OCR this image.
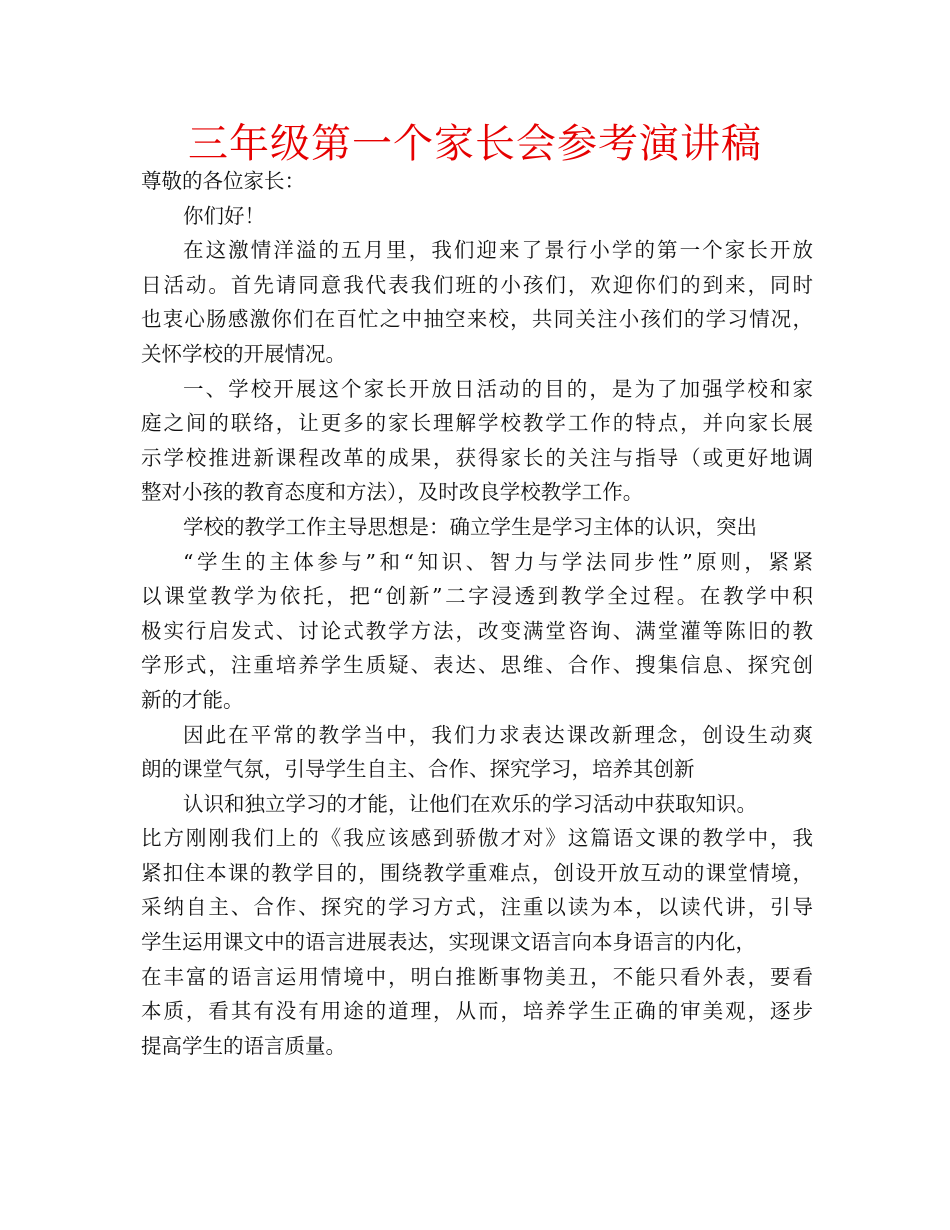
三年级第一个家长会参考演讲稿
尊敬的各位家长：
你们好！
在这激情洋溢的五月里，我们迎来了景行小学的第一个家长开放
日活动。首先请同意我代表我们班的小孩们，欢迎你们的到来，同时
也衷心肠感激你们在百忙之中抽空来校，共同关注小孩们的学习情况，
关怀学校的开展情况。
一、学校开展这个家长开放日活动的目的，是为了加强学校和家
庭之间的联络，让更多的家长理解学校教学工作的特点，并向家长展
示学校推进新课程改革的成果，获得家长的关注与指导（或更好地调
整对小孩的教育态度和方法），及时改良学校教学工作。
学校的教学工作主导思想是：确立学生是学习主体的认识，突出
“学生的主体参与”和“知识、智力与学法同步性”原则，紧紧
以课堂教学为依托，把“创新”二字浸透到教学全过程。在教学中积
极实行启发式、讨论式教学方法，改变满堂咨询、满堂灌等陈旧的教
学形式，注重培养学生质疑、表达、思维、合作、搜集信息、探究创
新的才能。
因此在平常的教学当中，我们力求表达课改新理念，创设生动爽
朗的课堂气氛，引导学生自主、合作、探究学习，培养其创新
认识和独立学习的才能，让他们在欢乐的学习活动中获取知识。
比方刚刚我们上的《我应该感到骄傲才对》这篇语文课的教学中，我
紧扣住本课的教学目的，围绕教学重难点，创设开放互动的课堂情境，
采纳自主、合作、探究的学习方式，注重以读为本，以读代讲，引导
学生运用课文中的语言进展表达，实现课文语言向本身语言的内化，
在丰富的语言运用情境中，明白推断事物美丑，不能只看外表，要看
本质，看其有没有用途的道理，从而，培养学生正确的审美观，逐步
提高学生的语言质量。
